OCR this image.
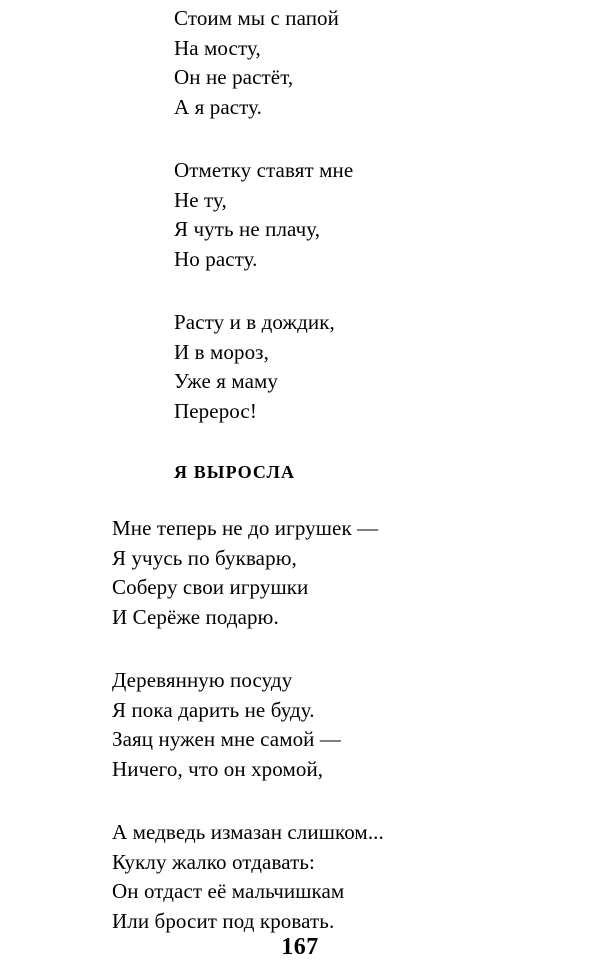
Стоим мы с папой
На мосту,
Он не растёт,
А я расту.
Отметку ставят мне
Не ту,
Я чуть не плачу,
Но расту.
Расту и в дождик,
И в мороз,
Уже я маму
Перерос!
Я ВЫРОСЛА
Мне теперь не до игрушек —
Я учусь по букварю,
Соберу свои игрушки
И Серёже подарю.
Деревянную посуду
Я пока дарить не буду.
Заяц нужен мне самой —
Ничего, что он хромой,
А медведь измазан слишком...
Куклу жалко отдавать:
Он отдаст её мальчишкам
Или бросит под кровать.
167
